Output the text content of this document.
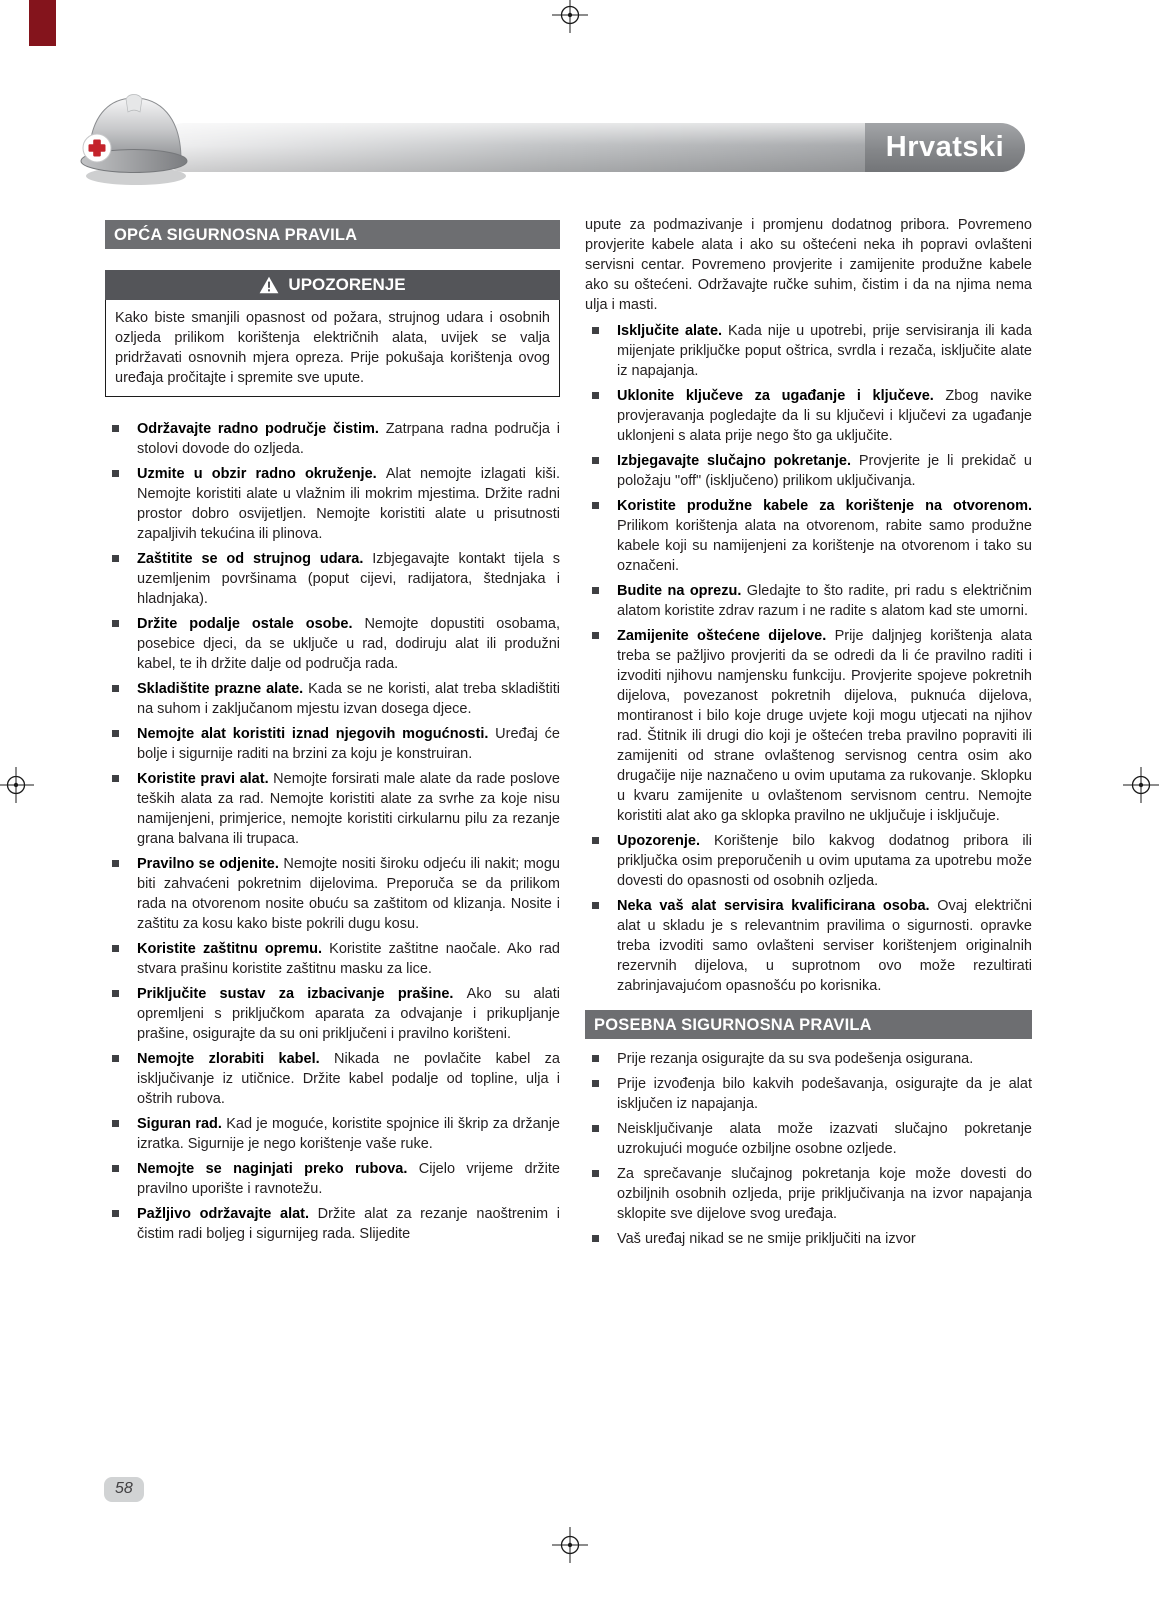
Hrvatski
OPĆA SIGURNOSNA PRAVILA
UPOZORENJE
Kako biste smanjili opasnost od požara, strujnog udara i osobnih ozljeda prilikom korištenja električnih alata, uvijek se valja pridržavati osnovnih mjera opreza. Prije pokušaja korištenja ovog uređaja pročitajte i spremite sve upute.
Održavajte radno područje čistim. Zatrpana radna područja i stolovi dovode do ozljeda.
Uzmite u obzir radno okruženje. Alat nemojte izlagati kiši. Nemojte koristiti alate u vlažnim ili mokrim mjestima. Držite radni prostor dobro osvijetljen. Nemojte koristiti alate u prisutnosti zapaljivih tekućina ili plinova.
Zaštitite se od strujnog udara. Izbjegavajte kontakt tijela s uzemljenim površinama (poput cijevi, radijatora, štednjaka i hladnjaka).
Držite podalje ostale osobe. Nemojte dopustiti osobama, posebice djeci, da se uključe u rad, dodiruju alat ili produžni kabel, te ih držite dalje od područja rada.
Skladištite prazne alate. Kada se ne koristi, alat treba skladištiti na suhom i zaključanom mjestu izvan dosega djece.
Nemojte alat koristiti iznad njegovih mogućnosti. Uređaj će bolje i sigurnije raditi na brzini za koju je konstruiran.
Koristite pravi alat. Nemojte forsirati male alate da rade poslove teških alata za rad. Nemojte koristiti alate za svrhe za koje nisu namijenjeni, primjerice, nemojte koristiti cirkularnu pilu za rezanje grana balvana ili trupaca.
Pravilno se odjenite. Nemojte nositi široku odjeću ili nakit; mogu biti zahvaćeni pokretnim dijelovima. Preporuča se da prilikom rada na otvorenom nosite obuću sa zaštitom od klizanja. Nosite i zaštitu za kosu kako biste pokrili dugu kosu.
Koristite zaštitnu opremu. Koristite zaštitne naočale. Ako rad stvara prašinu koristite zaštitnu masku za lice.
Priključite sustav za izbacivanje prašine. Ako su alati opremljeni s priključkom aparata za odvajanje i prikupljanje prašine, osigurajte da su oni priključeni i pravilno korišteni.
Nemojte zlorabiti kabel. Nikada ne povlačite kabel za isključivanje iz utičnice. Držite kabel podalje od topline, ulja i oštrih rubova.
Siguran rad. Kad je moguće, koristite spojnice ili škrip za držanje izratka. Sigurnije je nego korištenje vaše ruke.
Nemojte se naginjati preko rubova. Cijelo vrijeme držite pravilno uporište i ravnotežu.
Pažljivo održavajte alat. Držite alat za rezanje naoštrenim i čistim radi boljeg i sigurnijeg rada. Slijedite

upute za podmazivanje i promjenu dodatnog pribora. Povremeno provjerite kabele alata i ako su oštećeni neka ih popravi ovlašteni servisni centar. Povremeno provjerite i zamijenite produžne kabele ako su oštećeni. Održavajte ručke suhim, čistim i da na njima nema ulja i masti.

Isključite alate. Kada nije u upotrebi, prije servisiranja ili kada mijenjate priključke poput oštrica, svrdla i rezača, isključite alate iz napajanja.
Uklonite ključeve za ugađanje i ključeve. Zbog navike provjeravanja pogledajte da li su ključevi i ključevi za ugađanje uklonjeni s alata prije nego što ga uključite.
Izbjegavajte slučajno pokretanje. Provjerite je li prekidač u položaju "off" (isključeno) prilikom uključivanja.
Koristite produžne kabele za korištenje na otvorenom. Prilikom korištenja alata na otvorenom, rabite samo produžne kabele koji su namijenjeni za korištenje na otvorenom i tako su označeni.
Budite na oprezu. Gledajte to što radite, pri radu s električnim alatom koristite zdrav razum i ne radite s alatom kad ste umorni.
Zamijenite oštećene dijelove. Prije daljnjeg korištenja alata treba se pažljivo provjeriti da se odredi da li će pravilno raditi i izvoditi njihovu namjensku funkciju. Provjerite spojeve pokretnih dijelova, povezanost pokretnih dijelova, puknuća dijelova, montiranost i bilo koje druge uvjete koji mogu utjecati na njihov rad. Štitnik ili drugi dio koji je oštećen treba pravilno popraviti ili zamijeniti od strane ovlaštenog servisnog centra osim ako drugačije nije naznačeno u ovim uputama za rukovanje. Sklopku u kvaru zamijenite u ovlaštenom servisnom centru. Nemojte koristiti alat ako ga sklopka pravilno ne uključuje i isključuje.
Upozorenje. Korištenje bilo kakvog dodatnog pribora ili priključka osim preporučenih u ovim uputama za upotrebu može dovesti do opasnosti od osobnih ozljeda.
Neka vaš alat servisira kvalificirana osoba. Ovaj električni alat u skladu je s relevantnim pravilima o sigurnosti. opravke treba izvoditi samo ovlašteni serviser korištenjem originalnih rezervnih dijelova, u suprotnom ovo može rezultirati zabrinjavajućom opasnošću po korisnika.
POSEBNA SIGURNOSNA PRAVILA
Prije rezanja osigurajte da su sva podešenja osigurana.
Prije izvođenja bilo kakvih podešavanja, osigurajte da je alat isključen iz napajanja.
Neisključivanje alata može izazvati slučajno pokretanje uzrokujući moguće ozbiljne osobne ozljede.
Za sprečavanje slučajnog pokretanja koje može dovesti do ozbiljnih osobnih ozljeda, prije priključivanja na izvor napajanja sklopite sve dijelove svog uređaja.
Vaš uređaj nikad se ne smije priključiti na izvor
58
